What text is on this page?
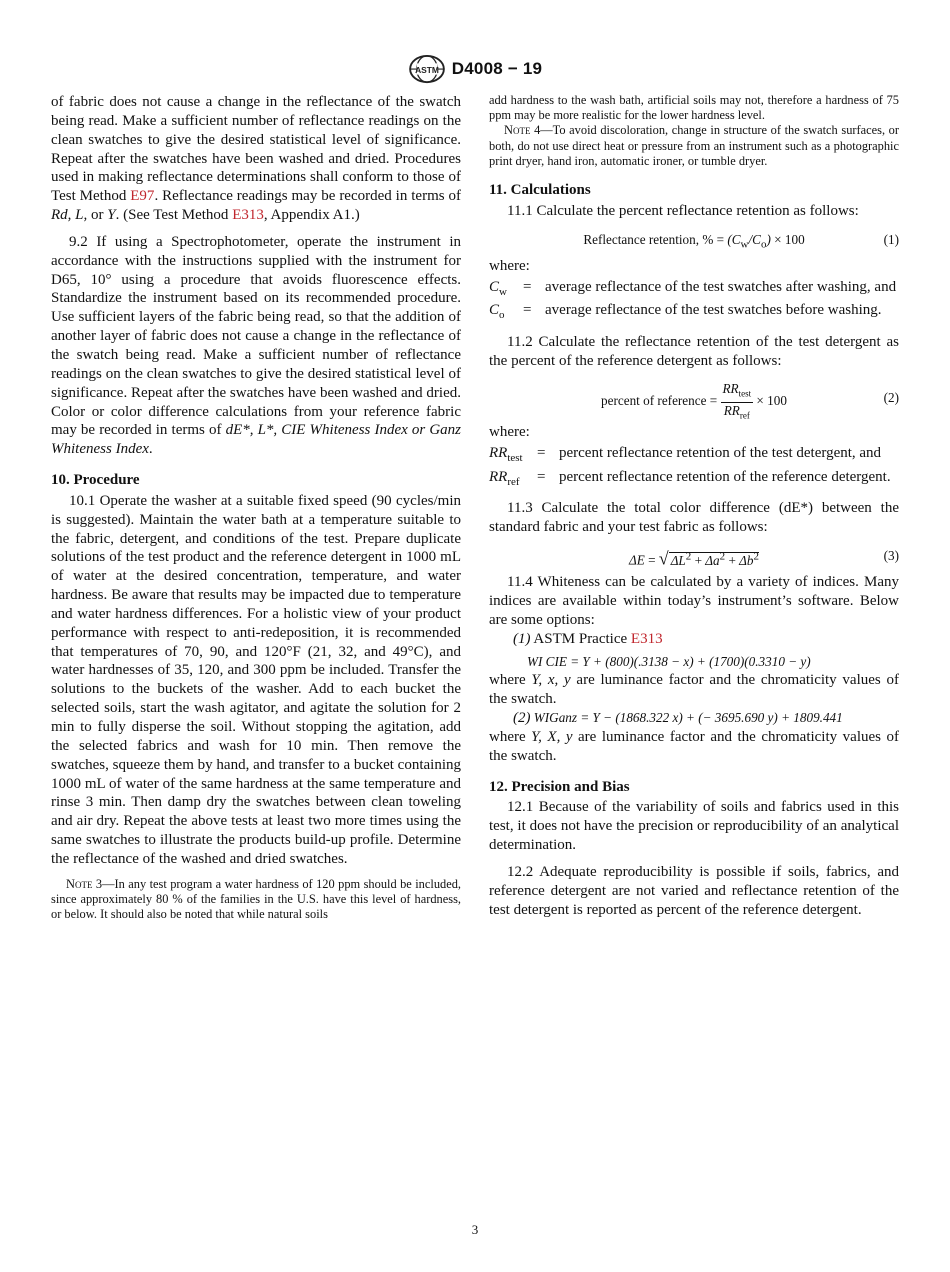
ASTM D4008 − 19

of fabric does not cause a change in the reflectance of the swatch being read. Make a sufficient number of reflectance readings on the clean swatches to give the desired statistical level of significance. Repeat after the swatches have been washed and dried. Procedures used in making reflectance determinations shall conform to those of Test Method E97. Reflectance readings may be recorded in terms of Rd, L, or Y. (See Test Method E313, Appendix A1.)

9.2 If using a Spectrophotometer, operate the instrument in accordance with the instructions supplied with the instrument for D65, 10° using a procedure that avoids fluorescence effects. Standardize the instrument based on its recommended procedure. Use sufficient layers of the fabric being read, so that the addition of another layer of fabric does not cause a change in the reflectance of the swatch being read. Make a sufficient number of reflectance readings on the clean swatches to give the desired statistical level of significance. Repeat after the swatches have been washed and dried. Color or color difference calculations from your reference fabric may be recorded in terms of dE*, L*, CIE Whiteness Index or Ganz Whiteness Index.

10. Procedure

10.1 Operate the washer at a suitable fixed speed (90 cycles/min is suggested). Maintain the water bath at a temperature suitable to the fabric, detergent, and conditions of the test. Prepare duplicate solutions of the test product and the reference detergent in 1000 mL of water at the desired concentration, temperature, and water hardness. Be aware that results may be impacted due to temperature and water hardness differences. For a holistic view of your product performance with respect to anti-redeposition, it is recommended that temperatures of 70, 90, and 120°F (21, 32, and 49°C), and water hardnesses of 35, 120, and 300 ppm be included. Transfer the solutions to the buckets of the washer. Add to each bucket the selected soils, start the wash agitator, and agitate the solution for 2 min to fully disperse the soil. Without stopping the agitation, add the selected fabrics and wash for 10 min. Then remove the swatches, squeeze them by hand, and transfer to a bucket containing 1000 mL of water of the same hardness at the same temperature and rinse 3 min. Then damp dry the swatches between clean toweling and air dry. Repeat the above tests at least two more times using the same swatches to illustrate the products build-up profile. Determine the reflectance of the washed and dried swatches.

Note 3—In any test program a water hardness of 120 ppm should be included, since approximately 80 % of the families in the U.S. have this level of hardness, or below. It should also be noted that while natural soils

add hardness to the wash bath, artificial soils may not, therefore a hardness of 75 ppm may be more realistic for the lower hardness level.

Note 4—To avoid discoloration, change in structure of the swatch surfaces, or both, do not use direct heat or pressure from an instrument such as a photographic print dryer, hand iron, automatic ironer, or tumble dryer.

11. Calculations

11.1 Calculate the percent reflectance retention as follows:

Reflectance retention, % = $(C_w/C_o) \times 100$	(1)

where:

$C_w$	= average reflectance of the test swatches after washing, and
$C_o$	= average reflectance of the test swatches before washing.

11.2 Calculate the reflectance retention of the test detergent as the percent of the reference detergent as follows:

percent of reference = $\frac{RR_{test}}{RR_{ref}} \times 100$	(2)

where:

$RR_{test}$ = percent reflectance retention of the test detergent, and
$RR_{ref}$	= percent reflectance retention of the reference detergent.

11.3 Calculate the total color difference (dE*) between the standard fabric and your test fabric as follows:

ΔE = √ $\Delta L^2 + \Delta a^2 + \Delta b^2$	(3)

11.4 Whiteness can be calculated by a variety of indices. Many indices are available within today’s instrument’s software. Below are some options:

(1) ASTM Practice E313

WI CIE = Y + (800)(.3138 − x) + (1700)(0.3310 − y)

where Y, x, y are luminance factor and the chromaticity values of the swatch.

(2) WIGanz = Y − (1868.322 x) + (− 3695.690 y) + 1809.441

where Y, X, y are luminance factor and the chromaticity values of the swatch.

12. Precision and Bias

12.1 Because of the variability of soils and fabrics used in this test, it does not have the precision or reproducibility of an analytical determination.

12.2 Adequate reproducibility is possible if soils, fabrics, and reference detergent are not varied and reflectance retention of the test detergent is reported as percent of the reference detergent.

3
